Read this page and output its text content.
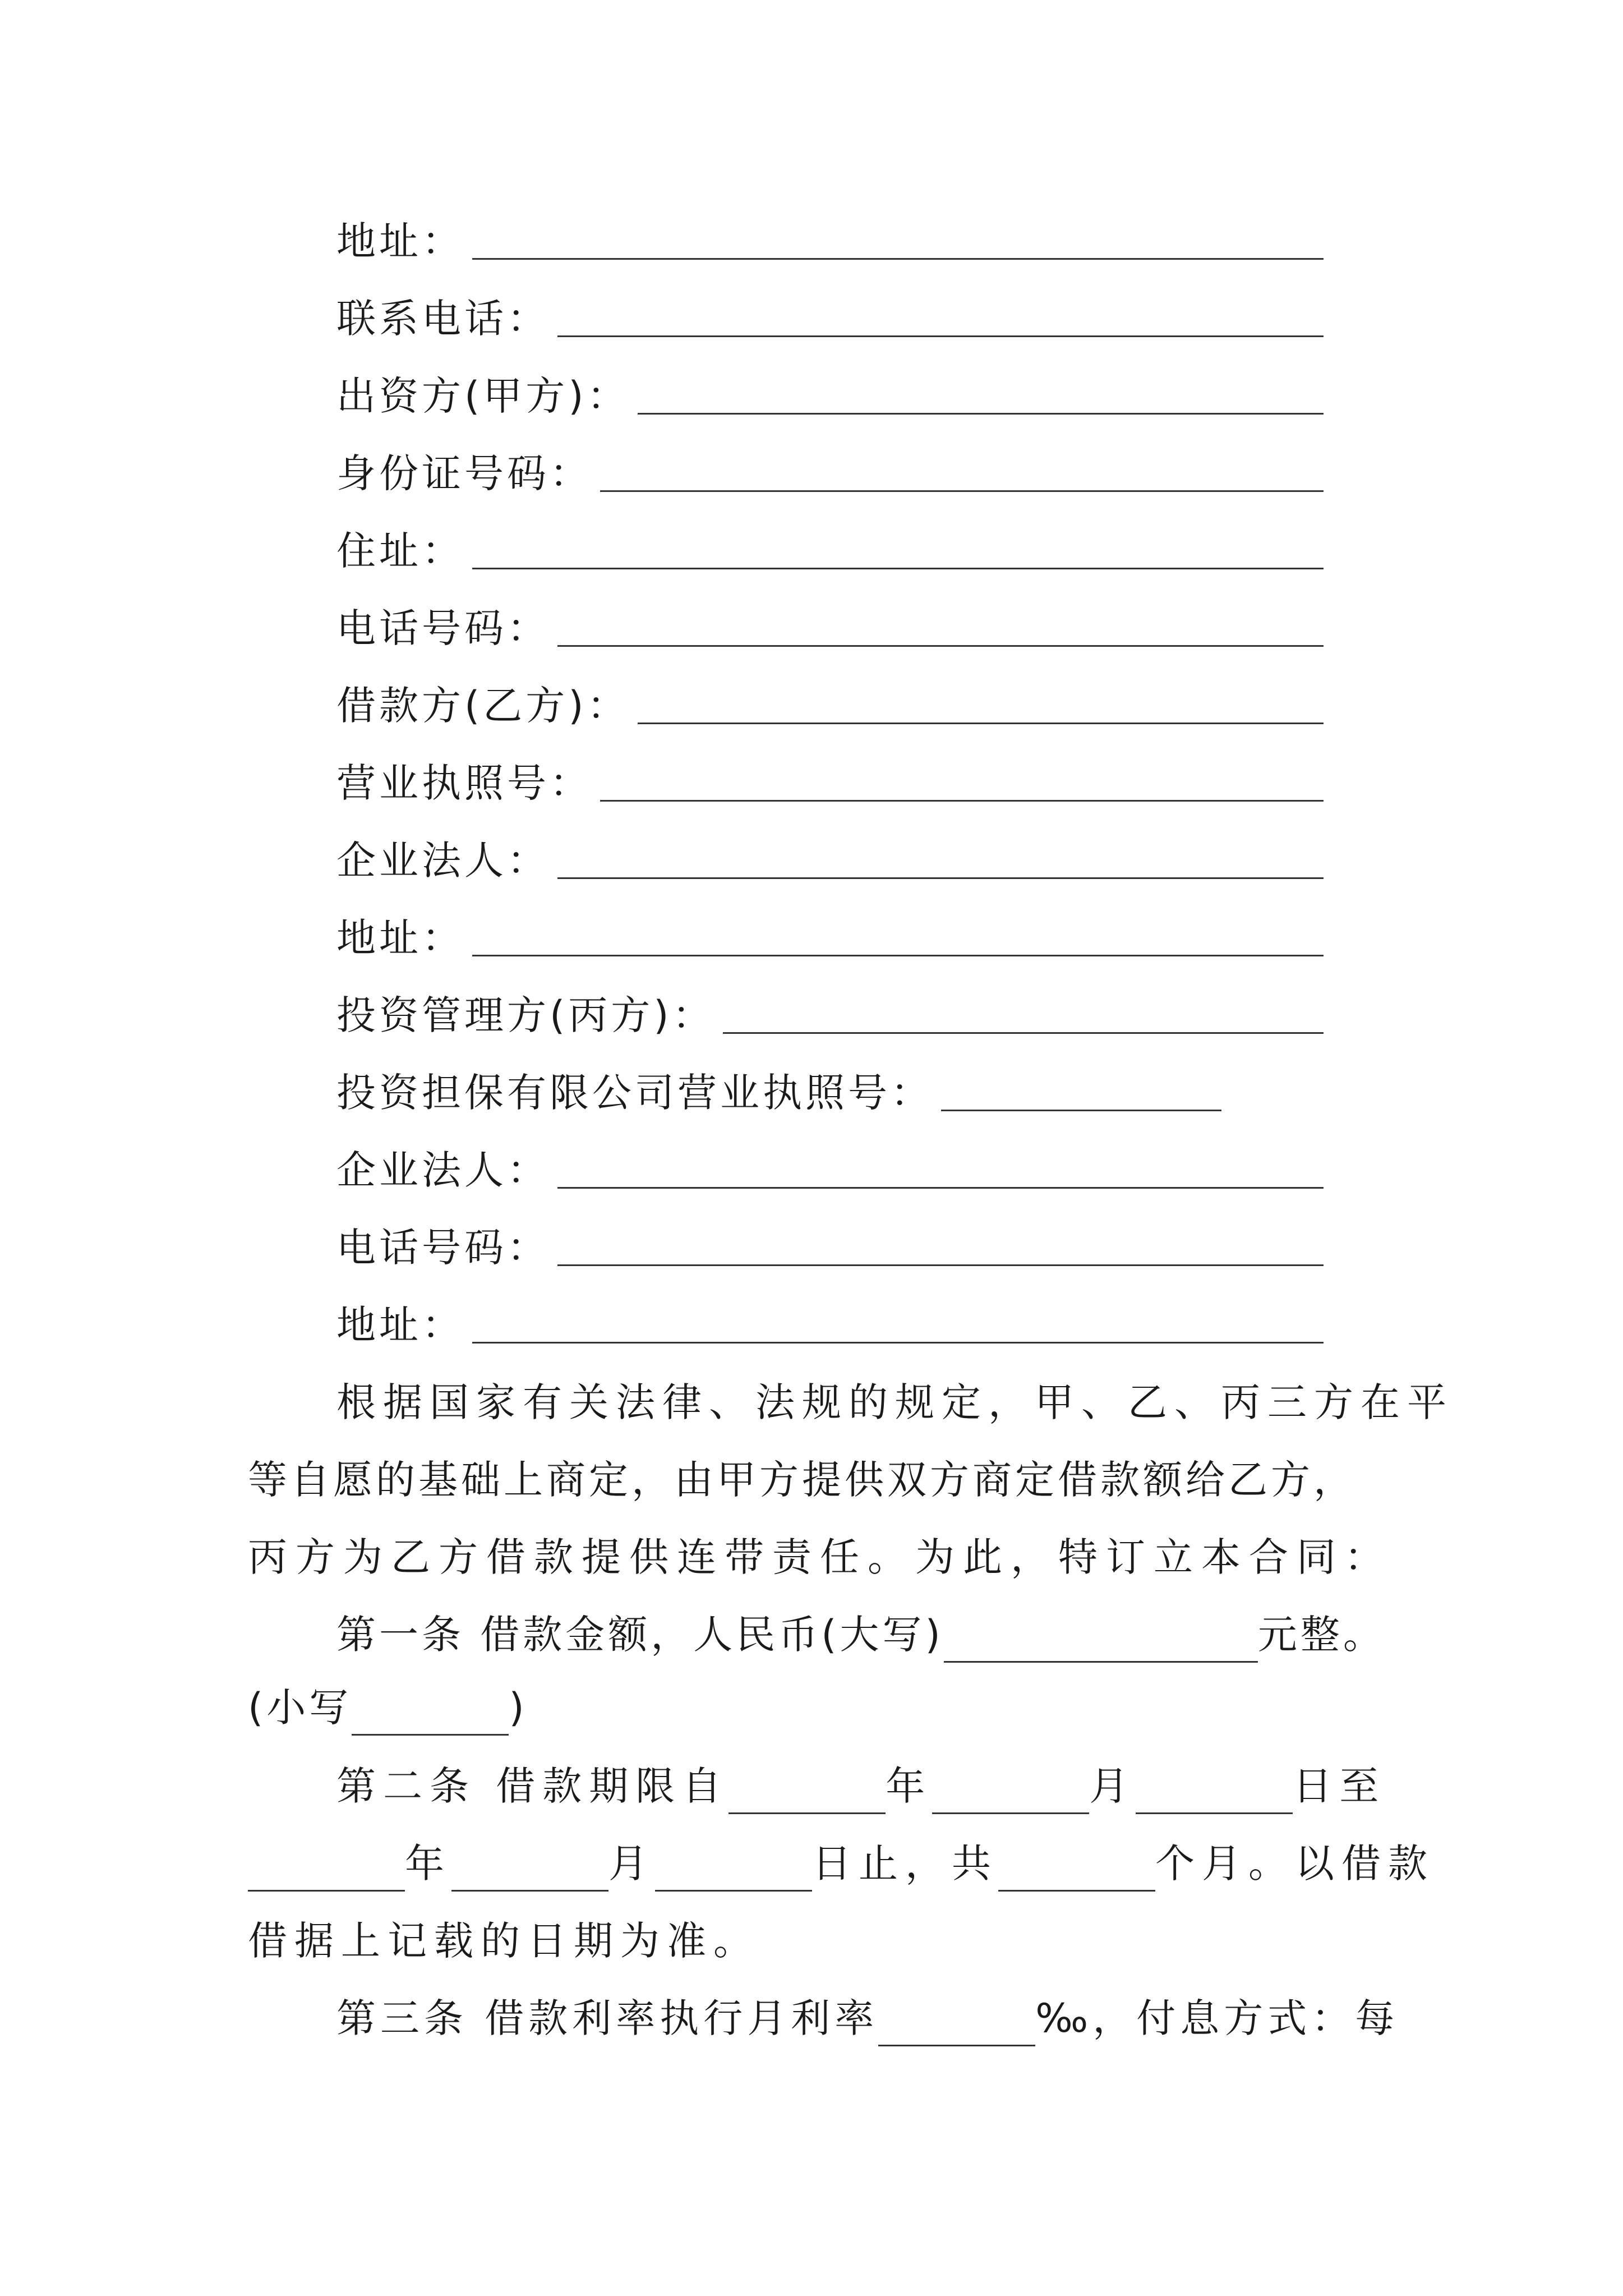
地址：
联系电话：
出资方(甲方)：
身份证号码：
住址：
电话号码：
借款方(乙方)：
营业执照号：
企业法人：
地址：
投资管理方(丙方)：
投资担保有限公司营业执照号：
企业法人：
电话号码：
地址：
根据国家有关法律、法规的规定，甲、乙、丙三方在平
等自愿的基础上商定，由甲方提供双方商定借款额给乙方，
丙方为乙方借款提供连带责任。为此，特订立本合同：
第一条 借款金额，人民币(大写)	元整。
(小写	)
第二条 借款期限自	年	月	日至
年	月	日止，共	个月。以借款
借据上记载的日期为准。
第三条 借款利率执行月利率	‰，付息方式：每
